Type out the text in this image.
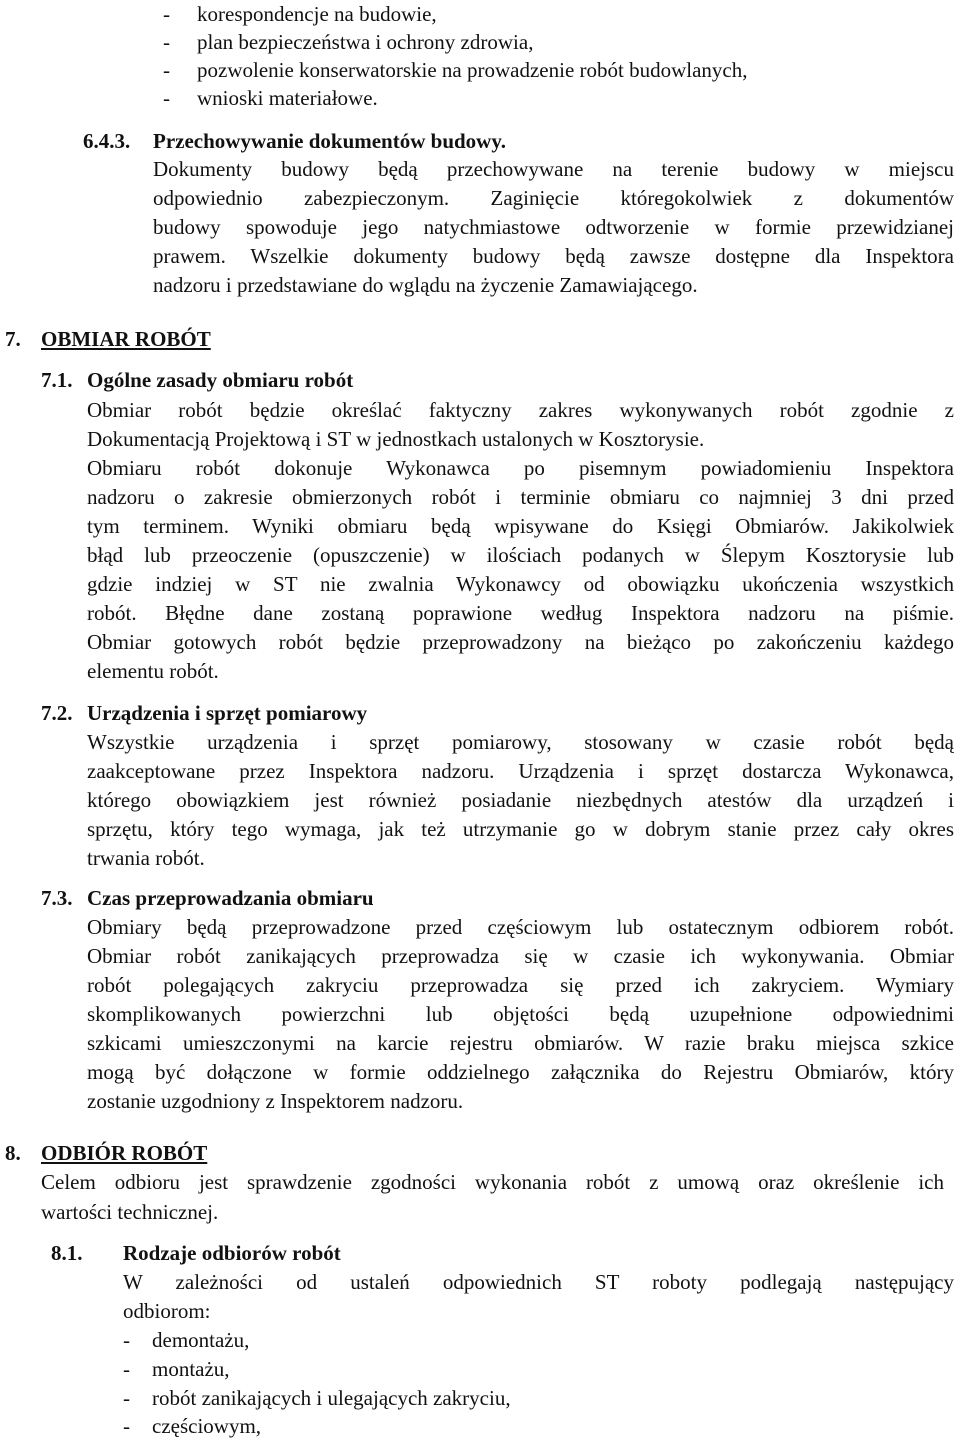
- korespondencje na budowie,
- plan bezpieczeństwa i ochrony zdrowia,
- pozwolenie konserwatorskie na prowadzenie robót budowlanych,
- wnioski materiałowe.
6.4.3. Przechowywanie dokumentów budowy.
Dokumenty budowy będą przechowywane na terenie budowy w miejscu
odpowiednio zabezpieczonym. Zaginięcie któregokolwiek z dokumentów
budowy spowoduje jego natychmiastowe odtworzenie w formie przewidzianej
prawem. Wszelkie dokumenty budowy będą zawsze dostępne dla Inspektora
nadzoru i przedstawiane do wglądu na życzenie Zamawiającego.
7. OBMIAR ROBÓT
7.1. Ogólne zasady obmiaru robót
Obmiar robót będzie określać faktyczny zakres wykonywanych robót zgodnie z
Dokumentacją Projektową i ST w jednostkach ustalonych w Kosztorysie.
Obmiaru robót dokonuje Wykonawca po pisemnym powiadomieniu Inspektora
nadzoru o zakresie obmierzonych robót i terminie obmiaru co najmniej 3 dni przed
tym terminem. Wyniki obmiaru będą wpisywane do Księgi Obmiarów. Jakikolwiek
błąd lub przeoczenie (opuszczenie) w ilościach podanych w Ślepym Kosztorysie lub
gdzie indziej w ST nie zwalnia Wykonawcy od obowiązku ukończenia wszystkich
robót. Błędne dane zostaną poprawione według Inspektora nadzoru na piśmie.
Obmiar gotowych robót będzie przeprowadzony na bieżąco po zakończeniu każdego
elementu robót.
7.2. Urządzenia i sprzęt pomiarowy
Wszystkie urządzenia i sprzęt pomiarowy, stosowany w czasie robót będą
zaakceptowane przez Inspektora nadzoru. Urządzenia i sprzęt dostarcza Wykonawca,
którego obowiązkiem jest również posiadanie niezbędnych atestów dla urządzeń i
sprzętu, który tego wymaga, jak też utrzymanie go w dobrym stanie przez cały okres
trwania robót.
7.3. Czas przeprowadzania obmiaru
Obmiary będą przeprowadzone przed częściowym lub ostatecznym odbiorem robót.
Obmiar robót zanikających przeprowadza się w czasie ich wykonywania. Obmiar
robót polegających zakryciu przeprowadza się przed ich zakryciem. Wymiary
skomplikowanych powierzchni lub objętości będą uzupełnione odpowiednimi
szkicami umieszczonymi na karcie rejestru obmiarów. W razie braku miejsca szkice
mogą być dołączone w formie oddzielnego załącznika do Rejestru Obmiarów, który
zostanie uzgodniony z Inspektorem nadzoru.
8. ODBIÓR ROBÓT
Celem odbioru jest sprawdzenie zgodności wykonania robót z umową oraz określenie ich
wartości technicznej.
8.1. Rodzaje odbiorów robót
W zależności od ustaleń odpowiednich ST roboty podlegają następujący
odbiorom:
- demontażu,
- montażu,
- robót zanikających i ulegających zakryciu,
- częściowym,
